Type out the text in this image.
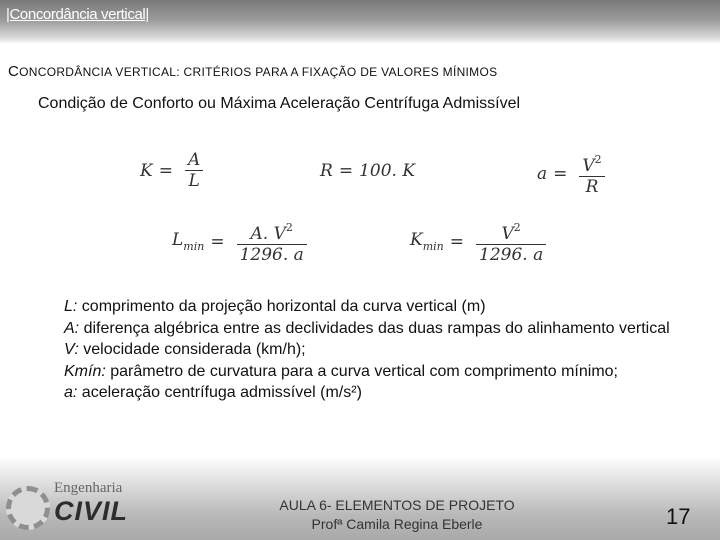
|Concordância vertical|
CONCORDÂNCIA VERTICAL: CRITÉRIOS PARA A FIXAÇÃO DE VALORES MÍNIMOS
Condição de Conforto ou Máxima Aceleração Centrífuga Admissível
$K = \frac{A}{L}$	R = 100. K	$a = \frac{V^2}{R}$
$L_{min} = \frac{A. V^2}{1296. a}$	$K_{min} = \frac{V^2}{1296. a}$

L: comprimento da projeção horizontal da curva vertical (m)

A: diferença algébrica entre as declividades das duas rampas do alinhamento vertical

V: velocidade considerada (km/h);

Kmín: parâmetro de curvatura para a curva vertical com comprimento mínimo;

a: aceleração centrífuga admissível (m/s²)

Engenharia
CIVIL	AULA 6- ELEMENTOS DE PROJETO
Profª Camila Regina Eberle	17
